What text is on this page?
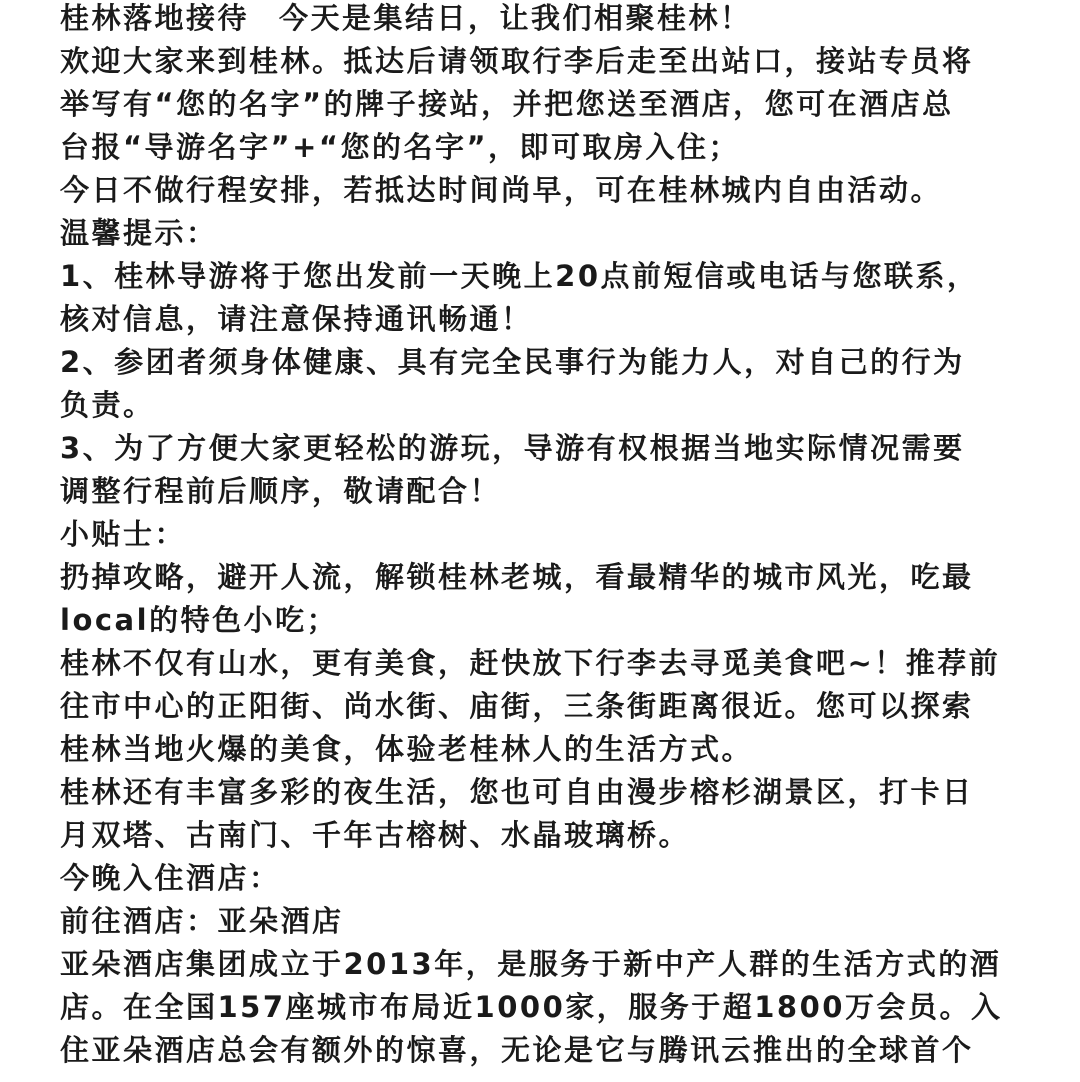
桂林落地接待 今天是集结日，让我们相聚桂林！
欢迎大家来到桂林。抵达后请领取行李后走至出站口，接站专员将
举写有“您的名字”的牌子接站，并把您送至酒店，您可在酒店总
台报“导游名字”+“您的名字”，即可取房入住；
今日不做行程安排，若抵达时间尚早，可在桂林城内自由活动。
温馨提示：
1、桂林导游将于您出发前一天晚上20点前短信或电话与您联系，
核对信息，请注意保持通讯畅通！
2、参团者须身体健康、具有完全民事行为能力人，对自己的行为
负责。
3、为了方便大家更轻松的游玩，导游有权根据当地实际情况需要
调整行程前后顺序，敬请配合！
小贴士：
扔掉攻略，避开人流，解锁桂林老城，看最精华的城市风光，吃最
local的特色小吃；
桂林不仅有山水，更有美食，赶快放下行李去寻觅美食吧~！推荐前
往市中心的正阳街、尚水街、庙街，三条街距离很近。您可以探索
桂林当地火爆的美食，体验老桂林人的生活方式。
桂林还有丰富多彩的夜生活，您也可自由漫步榕杉湖景区，打卡日
月双塔、古南门、千年古榕树、水晶玻璃桥。
今晚入住酒店：
前往酒店：亚朵酒店
亚朵酒店集团成立于2013年，是服务于新中产人群的生活方式的酒
店。在全国157座城市布局近1000家，服务于超1800万会员。入
住亚朵酒店总会有额外的惊喜，无论是它与腾讯云推出的全球首个
